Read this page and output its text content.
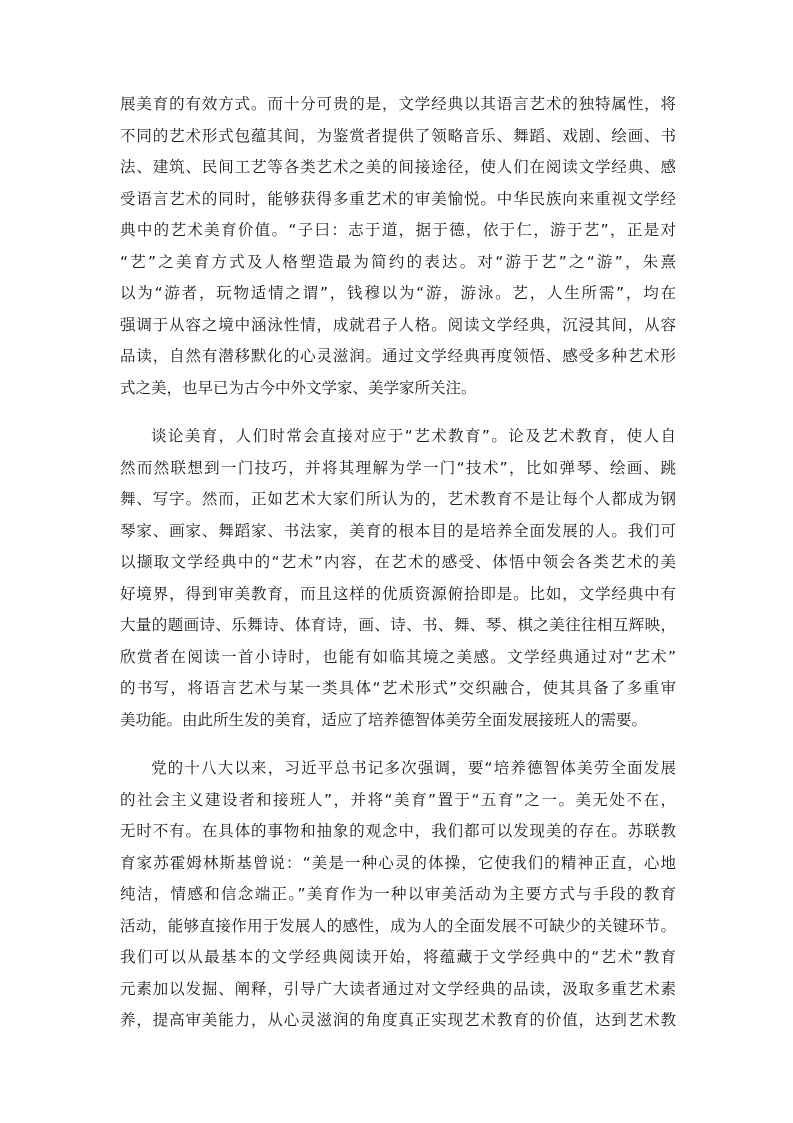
展美育的有效方式。而十分可贵的是，文学经典以其语言艺术的独特属性，将
不同的艺术形式包蕴其间，为鉴赏者提供了领略音乐、舞蹈、戏剧、绘画、书
法、建筑、民间工艺等各类艺术之美的间接途径，使人们在阅读文学经典、感
受语言艺术的同时，能够获得多重艺术的审美愉悦。中华民族向来重视文学经
典中的艺术美育价值。“子曰：志于道，据于德，依于仁，游于艺”，正是对
“艺”之美育方式及人格塑造最为简约的表达。对“游于艺”之“游”，朱熹
以为“游者，玩物适情之谓”，钱穆以为“游，游泳。艺，人生所需”，均在
强调于从容之境中涵泳性情，成就君子人格。阅读文学经典，沉浸其间，从容
品读，自然有潜移默化的心灵滋润。通过文学经典再度领悟、感受多种艺术形
式之美，也早已为古今中外文学家、美学家所关注。
谈论美育，人们时常会直接对应于“艺术教育”。论及艺术教育，使人自
然而然联想到一门技巧，并将其理解为学一门“技术”，比如弹琴、绘画、跳
舞、写字。然而，正如艺术大家们所认为的，艺术教育不是让每个人都成为钢
琴家、画家、舞蹈家、书法家，美育的根本目的是培养全面发展的人。我们可
以撷取文学经典中的“艺术”内容，在艺术的感受、体悟中领会各类艺术的美
好境界，得到审美教育，而且这样的优质资源俯拾即是。比如，文学经典中有
大量的题画诗、乐舞诗、体育诗，画、诗、书、舞、琴、棋之美往往相互辉映，
欣赏者在阅读一首小诗时，也能有如临其境之美感。文学经典通过对“艺术”
的书写，将语言艺术与某一类具体“艺术形式”交织融合，使其具备了多重审
美功能。由此所生发的美育，适应了培养德智体美劳全面发展接班人的需要。
党的十八大以来，习近平总书记多次强调，要“培养德智体美劳全面发展
的社会主义建设者和接班人”，并将“美育”置于“五育”之一。美无处不在，
无时不有。在具体的事物和抽象的观念中，我们都可以发现美的存在。苏联教
育家苏霍姆林斯基曾说：“美是一种心灵的体操，它使我们的精神正直，心地
纯洁，情感和信念端正。”美育作为一种以审美活动为主要方式与手段的教育
活动，能够直接作用于发展人的感性，成为人的全面发展不可缺少的关键环节。
我们可以从最基本的文学经典阅读开始，将蕴藏于文学经典中的“艺术”教育
元素加以发掘、阐释，引导广大读者通过对文学经典的品读，汲取多重艺术素
养，提高审美能力，从心灵滋润的角度真正实现艺术教育的价值，达到艺术教
